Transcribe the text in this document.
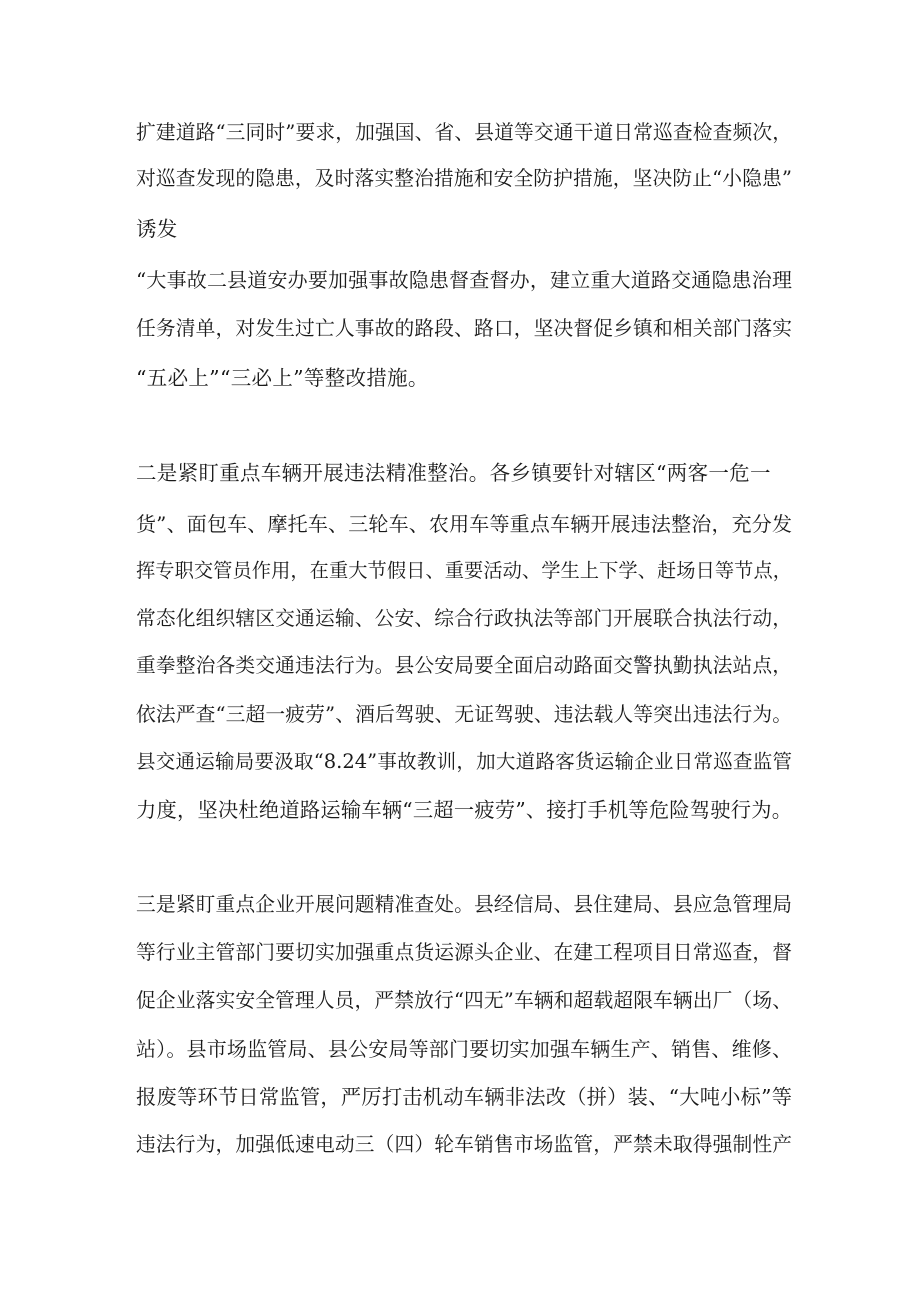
扩建道路“三同时”要求，加强国、省、县道等交通干道日常巡查检查频次，
对巡查发现的隐患，及时落实整治措施和安全防护措施，坚决防止“小隐患”
诱发
“大事故二县道安办要加强事故隐患督查督办，建立重大道路交通隐患治理
任务清单，对发生过亡人事故的路段、路口，坚决督促乡镇和相关部门落实
“五必上”“三必上”等整改措施。
二是紧盯重点车辆开展违法精准整治。各乡镇要针对辖区“两客一危一
货”、面包车、摩托车、三轮车、农用车等重点车辆开展违法整治，充分发
挥专职交管员作用，在重大节假日、重要活动、学生上下学、赶场日等节点，
常态化组织辖区交通运输、公安、综合行政执法等部门开展联合执法行动，
重拳整治各类交通违法行为。县公安局要全面启动路面交警执勤执法站点，
依法严查“三超一疲劳”、酒后驾驶、无证驾驶、违法载人等突出违法行为。
县交通运输局要汲取“8.24”事故教训，加大道路客货运输企业日常巡查监管
力度，坚决杜绝道路运输车辆“三超一疲劳”、接打手机等危险驾驶行为。
三是紧盯重点企业开展问题精准查处。县经信局、县住建局、县应急管理局
等行业主管部门要切实加强重点货运源头企业、在建工程项目日常巡查，督
促企业落实安全管理人员，严禁放行“四无”车辆和超载超限车辆出厂（场、
站）。县市场监管局、县公安局等部门要切实加强车辆生产、销售、维修、
报废等环节日常监管，严厉打击机动车辆非法改（拼）装、“大吨小标”等
违法行为，加强低速电动三（四）轮车销售市场监管，严禁未取得强制性产
